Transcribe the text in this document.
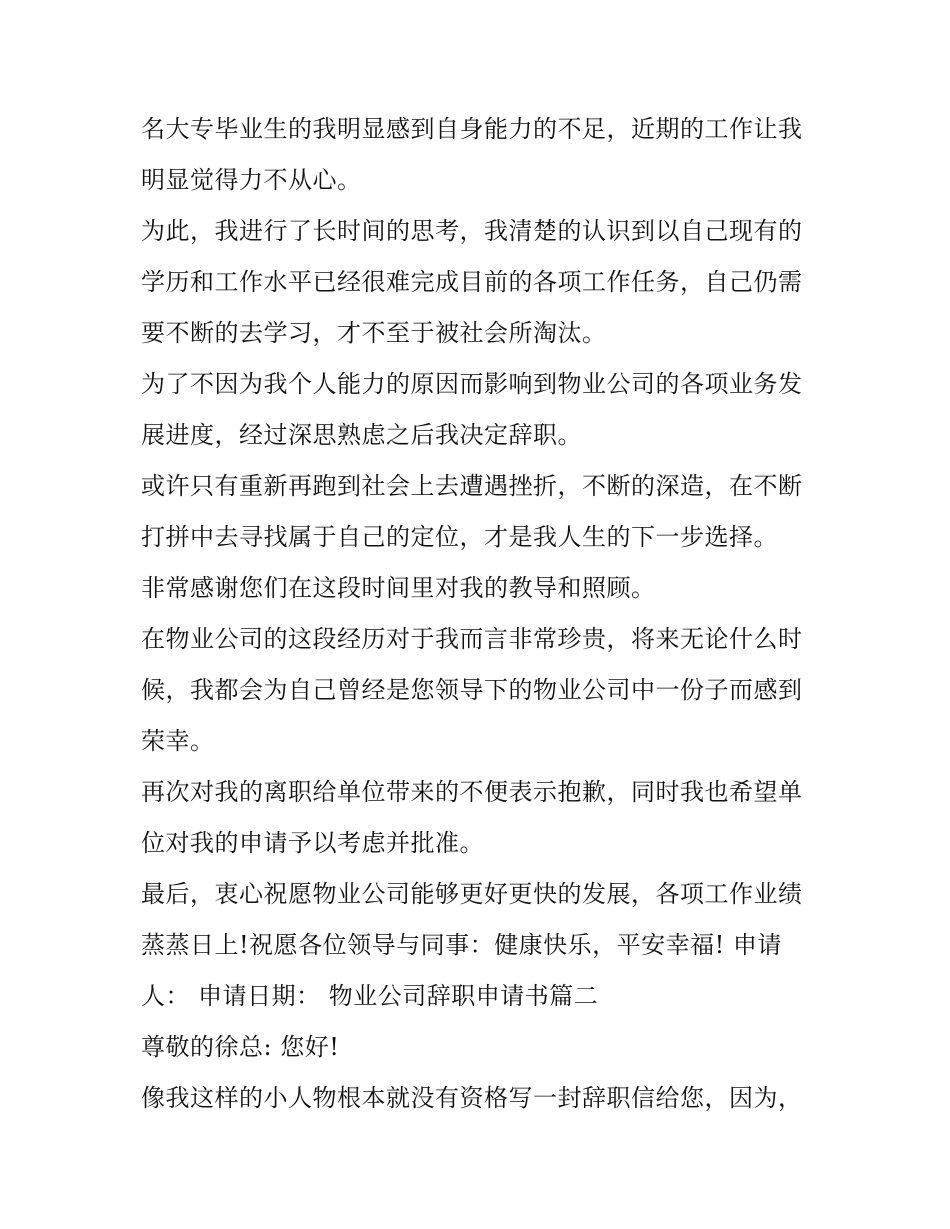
名大专毕业生的我明显感到自身能力的不足，近期的工作让我
明显觉得力不从心。
为此，我进行了长时间的思考，我清楚的认识到以自己现有的
学历和工作水平已经很难完成目前的各项工作任务，自己仍需
要不断的去学习，才不至于被社会所淘汰。
为了不因为我个人能力的原因而影响到物业公司的各项业务发
展进度，经过深思熟虑之后我决定辞职。
或许只有重新再跑到社会上去遭遇挫折，不断的深造，在不断
打拼中去寻找属于自己的定位，才是我人生的下一步选择。
非常感谢您们在这段时间里对我的教导和照顾。
在物业公司的这段经历对于我而言非常珍贵，将来无论什么时
候，我都会为自己曾经是您领导下的物业公司中一份子而感到
荣幸。
再次对我的离职给单位带来的不便表示抱歉，同时我也希望单
位对我的申请予以考虑并批准。
最后，衷心祝愿物业公司能够更好更快的发展，各项工作业绩
蒸蒸日上!祝愿各位领导与同事：健康快乐，平安幸福! 申请
人： 申请日期： 物业公司辞职申请书篇二
尊敬的徐总: 您好!
像我这样的小人物根本就没有资格写一封辞职信给您，因为，
